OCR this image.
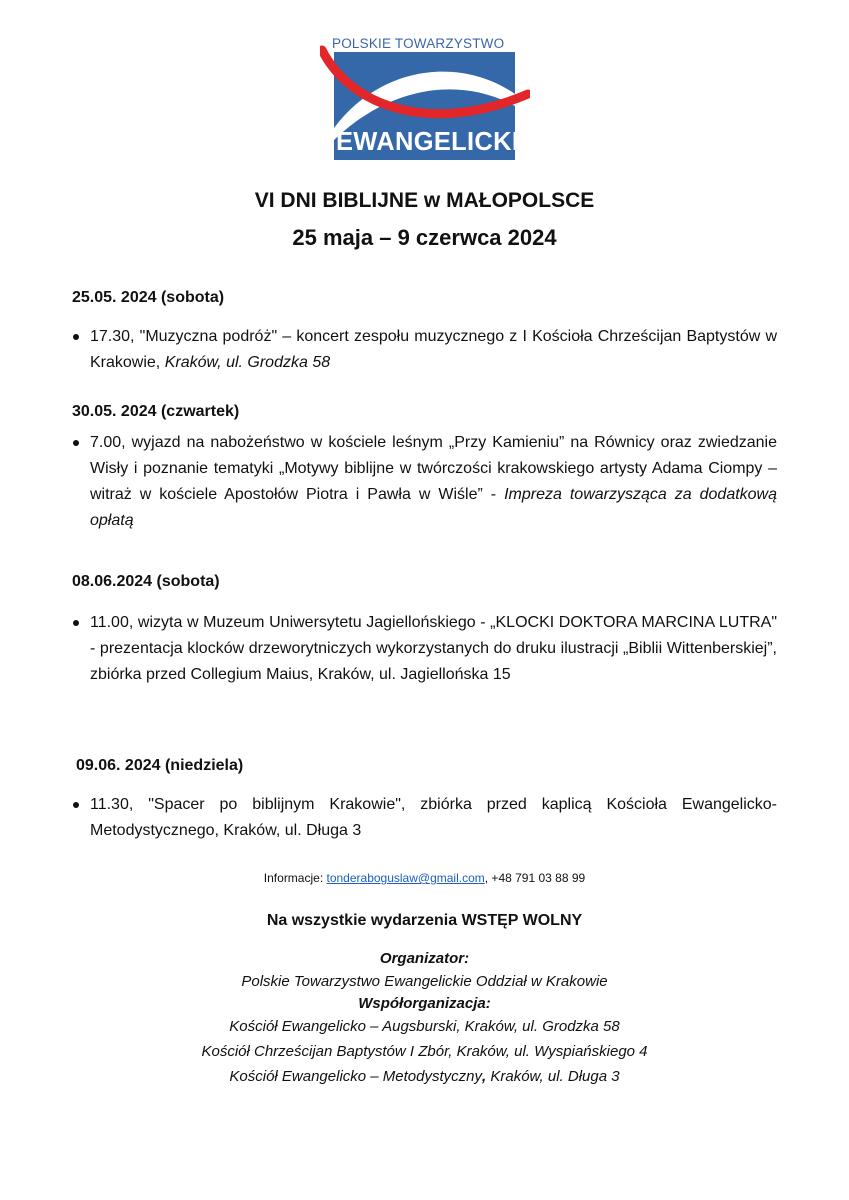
POLSKIE TOWARZYSTWO
EWANGELICKIE
VI DNI BIBLIJNE w MAŁOPOLSCE
25 maja – 9 czerwca 2024
25.05. 2024 (sobota)
17.30, "Muzyczna podróż" – koncert zespołu muzycznego z I Kościoła Chrześcijan Baptystów w Krakowie, Kraków, ul. Grodzka 58
30.05. 2024 (czwartek)
7.00, wyjazd na nabożeństwo w kościele leśnym „Przy Kamieniu” na Równicy oraz zwiedzanie Wisły i poznanie tematyki „Motywy biblijne w twórczości krakowskiego artysty Adama Ciompy – witraż w kościele Apostołów Piotra i Pawła w Wiśle” - Impreza towarzysząca za dodatkową opłatą
08.06.2024 (sobota)
11.00, wizyta w Muzeum Uniwersytetu Jagiellońskiego - „KLOCKI DOKTORA MARCINA LUTRA" - prezentacja klocków drzeworytniczych wykorzystanych do druku ilustracji „Biblii Wittenberskiej”, zbiórka przed Collegium Maius, Kraków, ul. Jagiellońska 15
09.06. 2024 (niedziela)
11.30, "Spacer po biblijnym Krakowie", zbiórka przed kaplicą Kościoła Ewangelicko-Metodystycznego, Kraków, ul. Długa 3
Informacje: tonderaboguslaw@gmail.com, +48 791 03 88 99
Na wszystkie wydarzenia WSTĘP WOLNY
Organizator:
Polskie Towarzystwo Ewangelickie Oddział w Krakowie
Współorganizacja:
Kościół Ewangelicko – Augsburski, Kraków, ul. Grodzka 58
Kościół Chrześcijan Baptystów I Zbór, Kraków, ul. Wyspiańskiego 4
Kościół Ewangelicko – Metodystyczny, Kraków, ul. Długa 3
